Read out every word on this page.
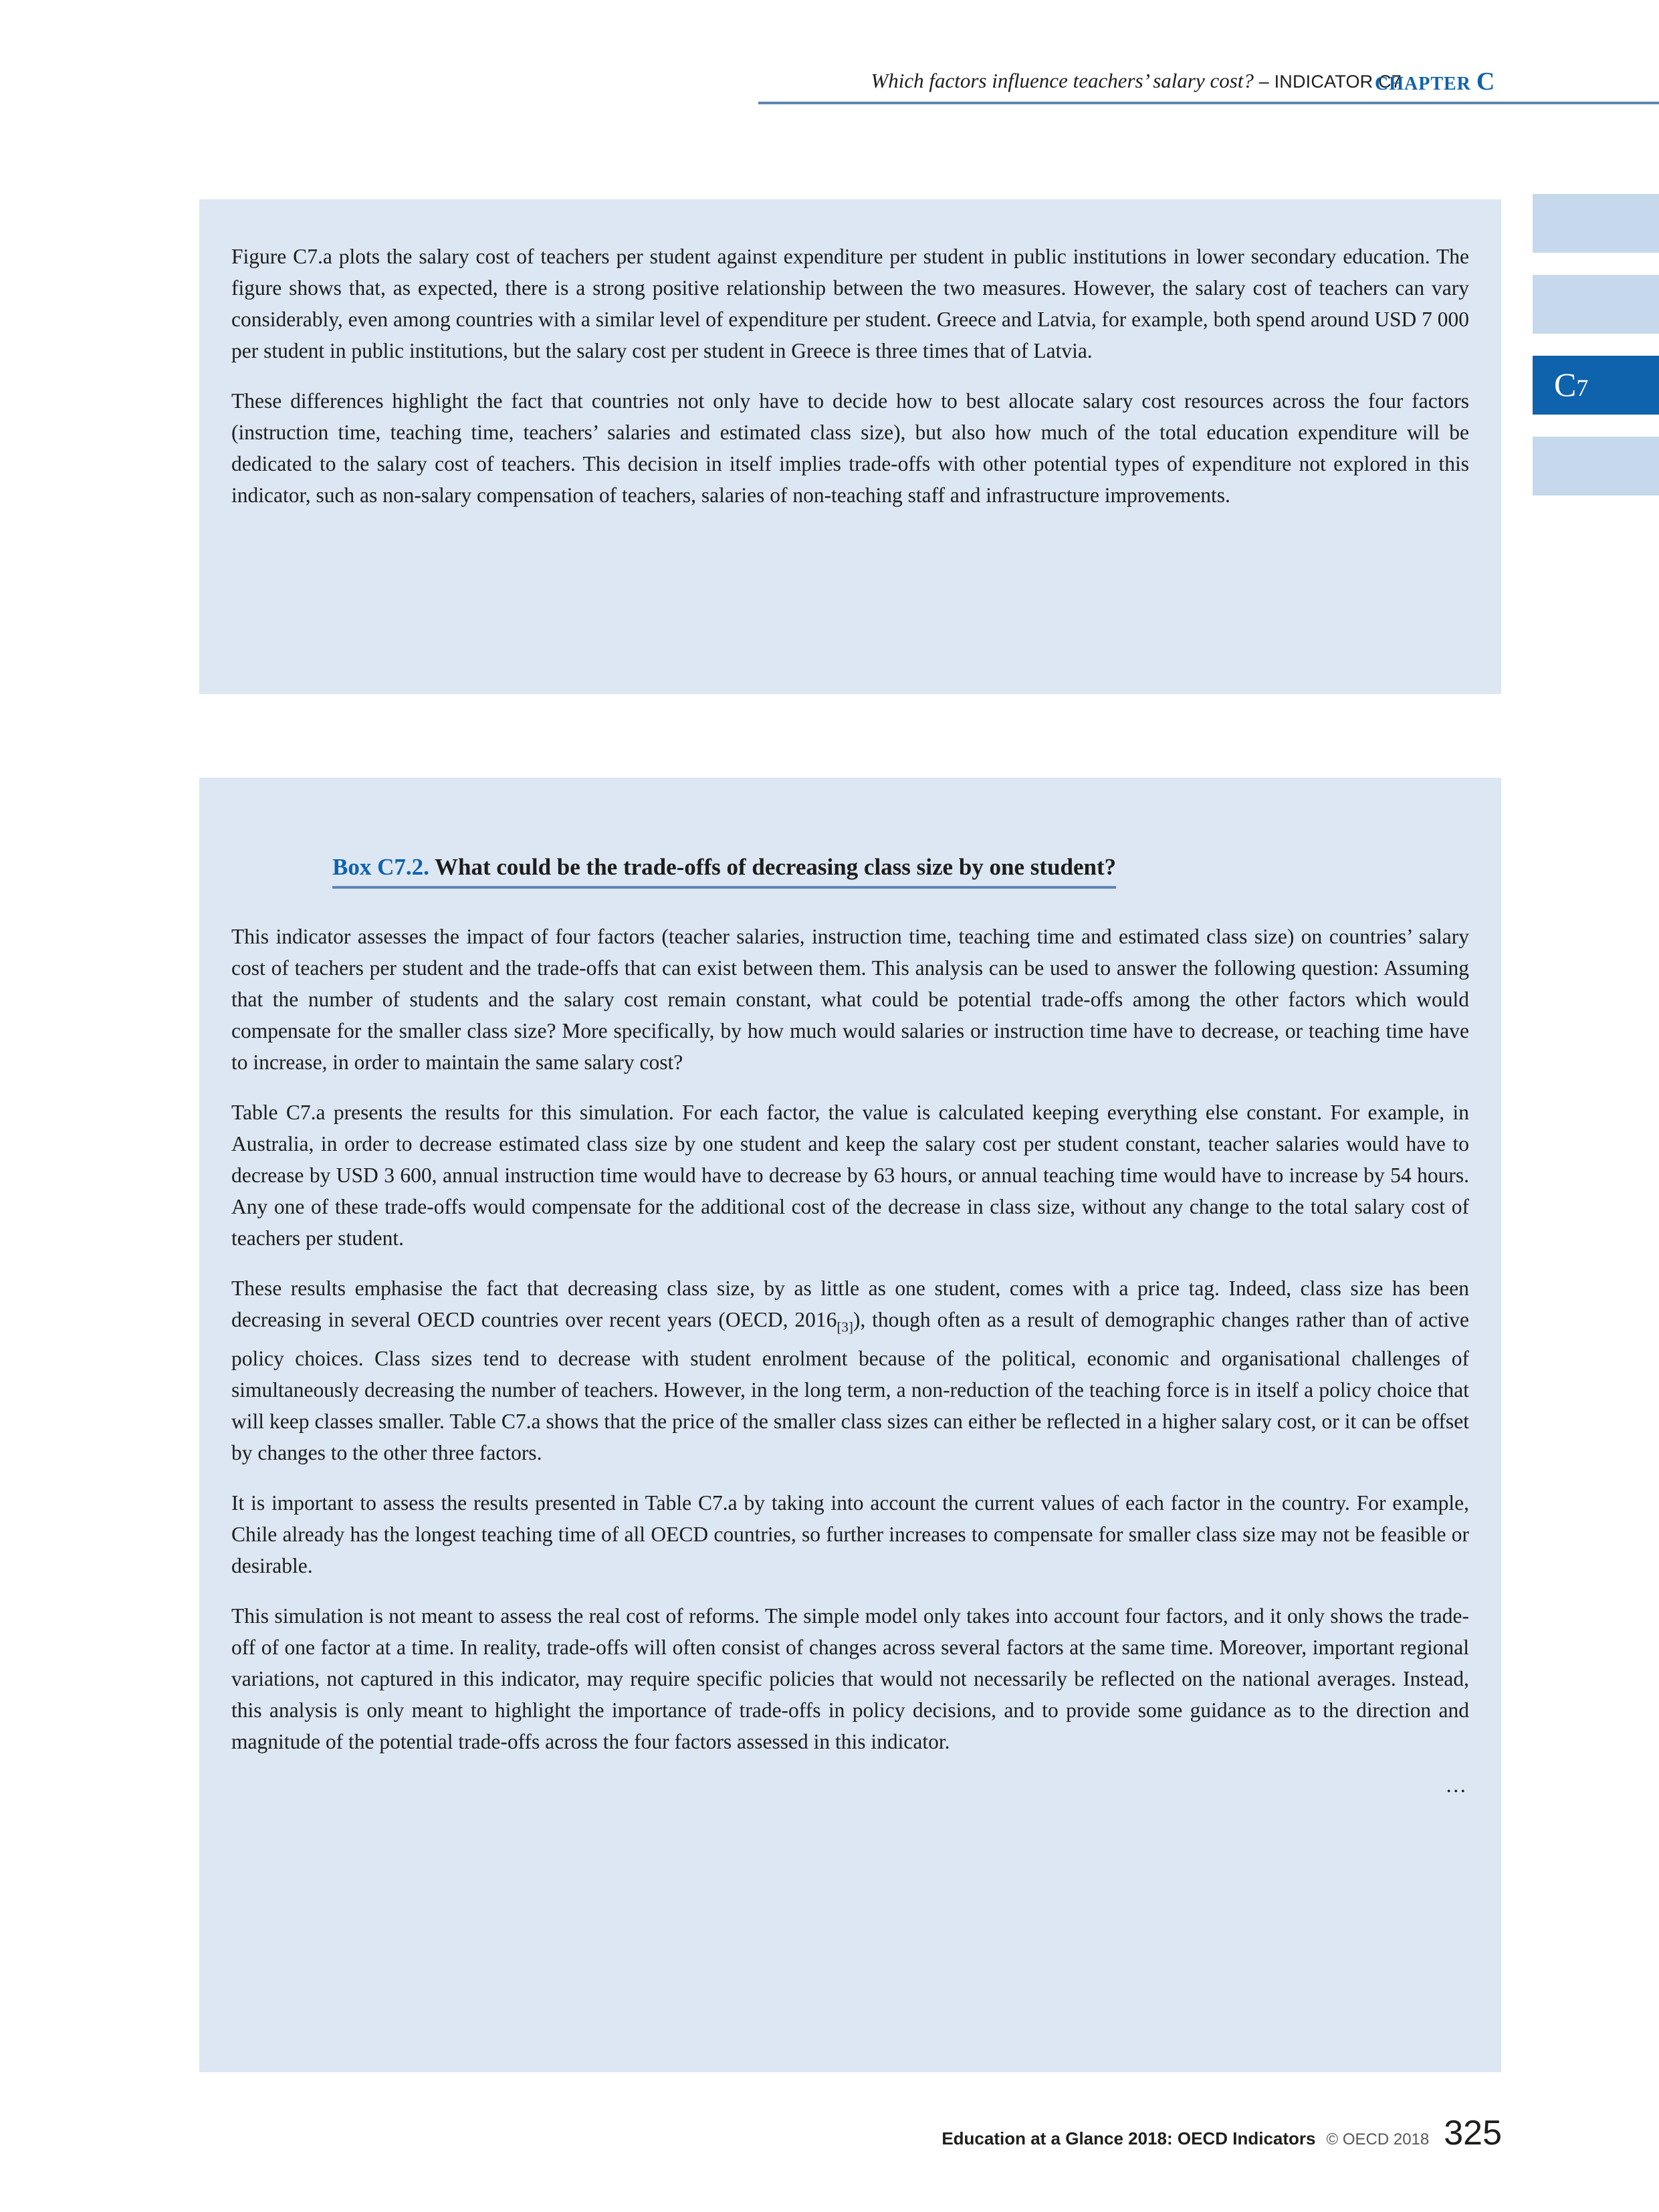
Which factors influence teachers’ salary cost? – INDICATOR C7
CHAPTER C
C7

Figure C7.a plots the salary cost of teachers per student against expenditure per student in public institutions in lower secondary education. The figure shows that, as expected, there is a strong positive relationship between the two measures. However, the salary cost of teachers can vary considerably, even among countries with a similar level of expenditure per student. Greece and Latvia, for example, both spend around USD 7 000 per student in public institutions, but the salary cost per student in Greece is three times that of Latvia.

These differences highlight the fact that countries not only have to decide how to best allocate salary cost resources across the four factors (instruction time, teaching time, teachers’ salaries and estimated class size), but also how much of the total education expenditure will be dedicated to the salary cost of teachers. This decision in itself implies trade-offs with other potential types of expenditure not explored in this indicator, such as non-salary compensation of teachers, salaries of non-teaching staff and infrastructure improvements.

Box C7.2. What could be the trade-offs of decreasing class size by one student?

This indicator assesses the impact of four factors (teacher salaries, instruction time, teaching time and estimated class size) on countries’ salary cost of teachers per student and the trade-offs that can exist between them. This analysis can be used to answer the following question: Assuming that the number of students and the salary cost remain constant, what could be potential trade-offs among the other factors which would compensate for the smaller class size? More specifically, by how much would salaries or instruction time have to decrease, or teaching time have to increase, in order to maintain the same salary cost?

Table C7.a presents the results for this simulation. For each factor, the value is calculated keeping everything else constant. For example, in Australia, in order to decrease estimated class size by one student and keep the salary cost per student constant, teacher salaries would have to decrease by USD 3 600, annual instruction time would have to decrease by 63 hours, or annual teaching time would have to increase by 54 hours. Any one of these trade-offs would compensate for the additional cost of the decrease in class size, without any change to the total salary cost of teachers per student.

These results emphasise the fact that decreasing class size, by as little as one student, comes with a price tag. Indeed, class size has been decreasing in several OECD countries over recent years (OECD, $2016_{[3]}$), though often as a result of demographic changes rather than of active policy choices. Class sizes tend to decrease with student enrolment because of the political, economic and organisational challenges of simultaneously decreasing the number of teachers. However, in the long term, a non-reduction of the teaching force is in itself a policy choice that will keep classes smaller. Table C7.a shows that the price of the smaller class sizes can either be reflected in a higher salary cost, or it can be offset by changes to the other three factors.

It is important to assess the results presented in Table C7.a by taking into account the current values of each factor in the country. For example, Chile already has the longest teaching time of all OECD countries, so further increases to compensate for smaller class size may not be feasible or desirable.

This simulation is not meant to assess the real cost of reforms. The simple model only takes into account four factors, and it only shows the trade-off of one factor at a time. In reality, trade-offs will often consist of changes across several factors at the same time. Moreover, important regional variations, not captured in this indicator, may require specific policies that would not necessarily be reflected on the national averages. Instead, this analysis is only meant to highlight the importance of trade-offs in policy decisions, and to provide some guidance as to the direction and magnitude of the potential trade-offs across the four factors assessed in this indicator.

…
Education at a Glance 2018: OECD Indicators © OECD 2018 325
